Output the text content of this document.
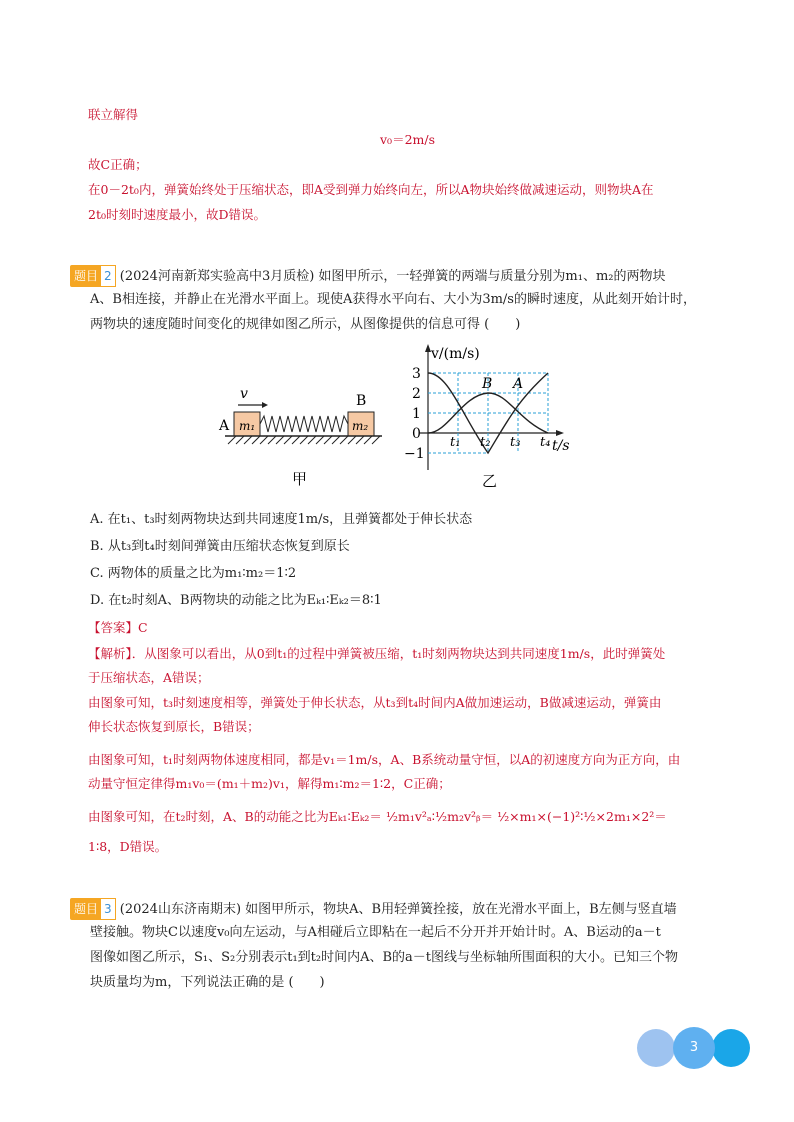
联立解得
v₀＝2m/s
故C正确；
在0－2t₀内，弹簧始终处于压缩状态，即A受到弹力始终向左，所以A物块始终做减速运动，则物块A在
2t₀时刻时速度最小，故D错误。
题目 2 (2024河南新郑实验高中3月质检) 如图甲所示，一轻弹簧的两端与质量分别为m₁、m₂的两物块
A、B相连接，并静止在光滑水平面上。现使A获得水平向右、大小为3m/s的瞬时速度，从此刻开始计时，
两物块的速度随时间变化的规律如图乙所示，从图像提供的信息可得 (　　)
v
A m₁
B
m₂
甲
v/(m/s)
t/s
B A
3
2
1
0
−1
t₁ t₂ t₃ t₄
乙
A. 在t₁、t₃时刻两物块达到共同速度1m/s，且弹簧都处于伸长状态
B. 从t₃到t₄时刻间弹簧由压缩状态恢复到原长
C. 两物体的质量之比为m₁∶m₂＝1∶2
D. 在t₂时刻A、B两物块的动能之比为Eₖ₁∶Eₖ₂＝8∶1
【答案】C
【解析】．从图象可以看出，从0到t₁的过程中弹簧被压缩，t₁时刻两物块达到共同速度1m/s，此时弹簧处
于压缩状态，A错误；
由图象可知，t₃时刻速度相等，弹簧处于伸长状态，从t₃到t₄时间内A做加速运动，B做减速运动，弹簧由
伸长状态恢复到原长，B错误；
由图象可知，t₁时刻两物体速度相同，都是v₁＝1m/s，A、B系统动量守恒，以A的初速度方向为正方向，由
动量守恒定律得m₁v₀＝(m₁＋m₂)v₁，解得m₁∶m₂＝1∶2，C正确；
由图象可知，在t₂时刻，A、B的动能之比为Eₖ₁∶Eₖ₂＝ ½m₁v²ₐ∶½m₂v²ᵦ＝ ½×m₁×(−1)²∶½×2m₁×2²＝
1∶8，D错误。
题目 3 (2024山东济南期末) 如图甲所示，物块A、B用轻弹簧拴接，放在光滑水平面上，B左侧与竖直墙
壁接触。物块C以速度v₀向左运动，与A相碰后立即粘在一起后不分开并开始计时。A、B运动的a－t
图像如图乙所示，S₁、S₂分别表示t₁到t₂时间内A、B的a－t图线与坐标轴所围面积的大小。已知三个物
块质量均为m，下列说法正确的是 (　　)
3
